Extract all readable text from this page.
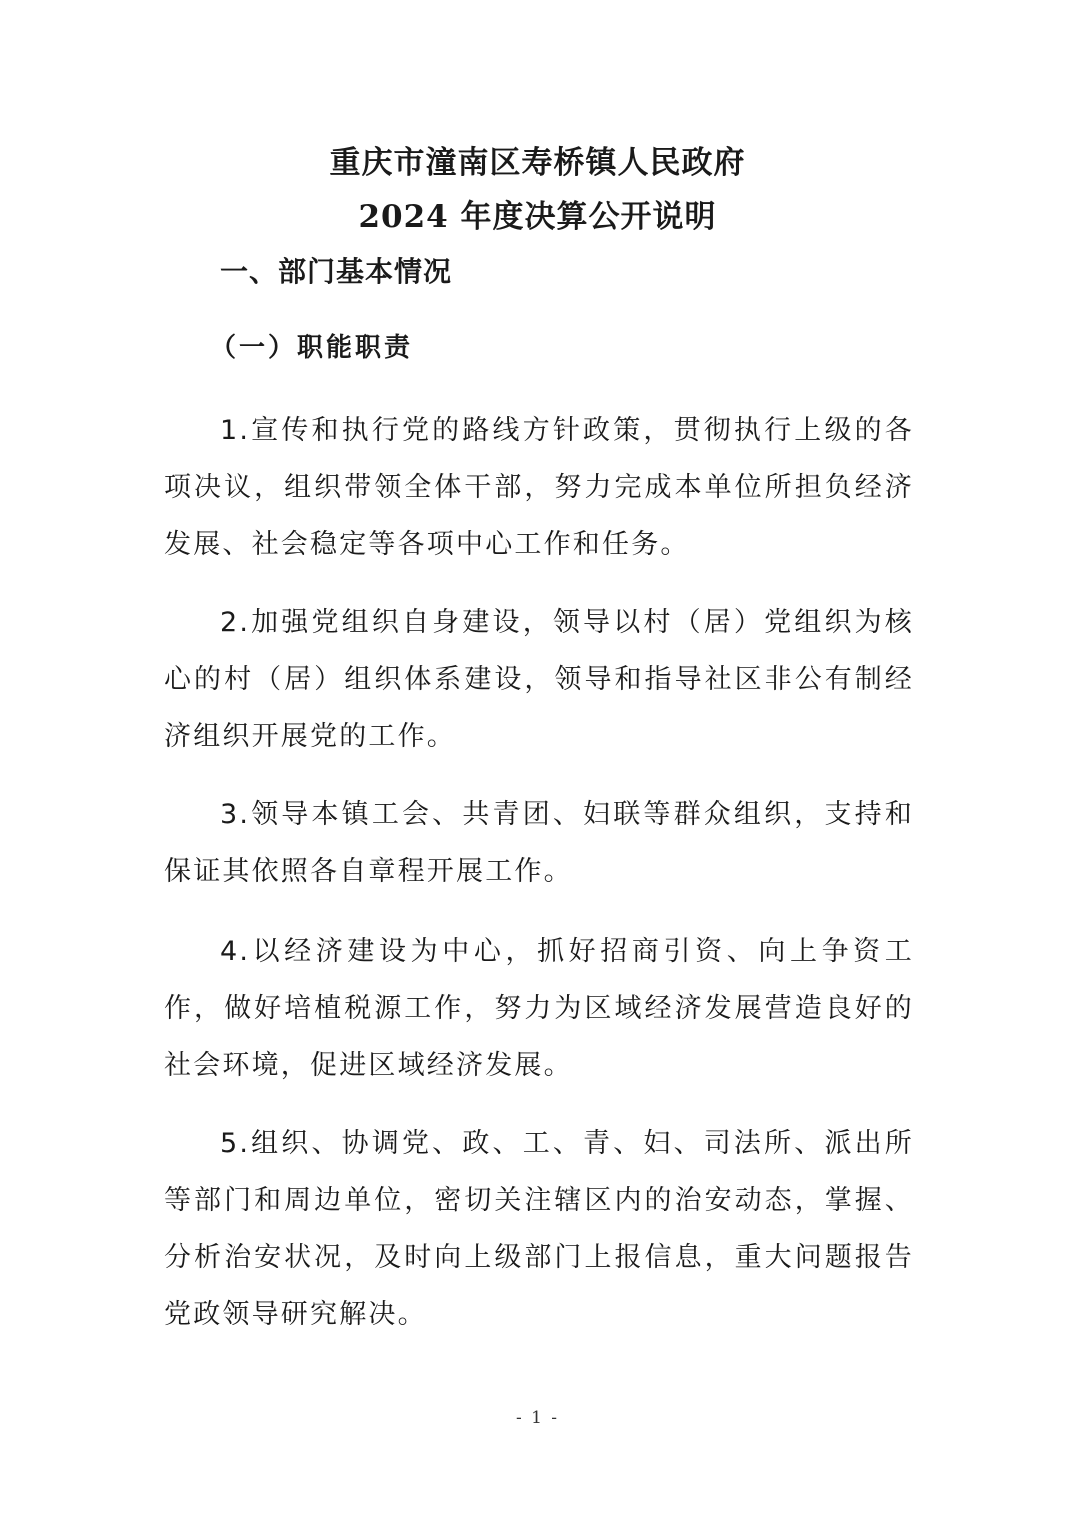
重庆市潼南区寿桥镇人民政府
2024 年度决算公开说明
一、部门基本情况
（一）职能职责

1.宣传和执行党的路线方针政策，贯彻执行上级的各项决议，组织带领全体干部，努力完成本单位所担负经济发展、社会稳定等各项中心工作和任务。

2.加强党组织自身建设，领导以村（居）党组织为核心的村（居）组织体系建设，领导和指导社区非公有制经济组织开展党的工作。

3.领导本镇工会、共青团、妇联等群众组织，支持和保证其依照各自章程开展工作。

4.以经济建设为中心，抓好招商引资、向上争资工作，做好培植税源工作，努力为区域经济发展营造良好的社会环境，促进区域经济发展。

5.组织、协调党、政、工、青、妇、司法所、派出所等部门和周边单位，密切关注辖区内的治安动态，掌握、分析治安状况，及时向上级部门上报信息，重大问题报告党政领导研究解决。

- 1 -
